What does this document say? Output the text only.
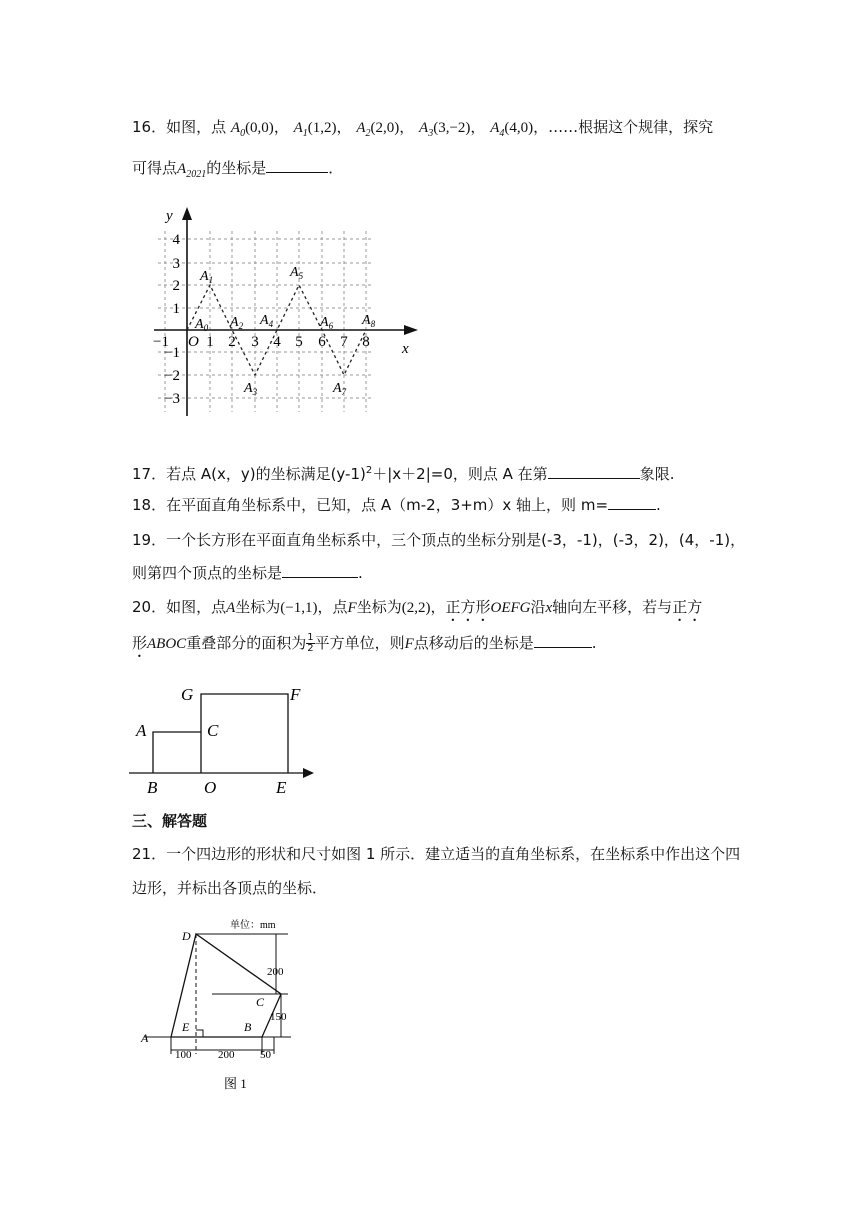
16．如图，点 $A_0(0,0)$， $A_1(1,2)$， $A_2(2,0)$， $A_3(3,-2)$， $A_4(4,0)$，……根据这个规律，探究
可得点$A_{2021}$的坐标是	．
y
x
O
−1 1 2 3 4 5 6 7 8
4
3
2
1
−1
−2
−3
$A_0$
$A_1$
$A_2$
$A_3$
$A_4$
$A_5$
$A_6$
$A_7$
$A_8$
17．若点 A(x，y)的坐标满足$(y-1)^2+|x+2|=0$，则点 A 在第	象限.
18．在平面直角坐标系中，已知，点 A（m-2，3+m）x 轴上，则 m=	.
19．一个长方形在平面直角坐标系中，三个顶点的坐标分别是(-3，-1)，(-3，2)，(4，-1)，
则第四个顶点的坐标是	.
20．如图，点A坐标为(−1,1)，点F坐标为(2,2)，正方形OEFG沿x轴向左平移，若与正方
形ABOC重叠部分的面积为 $\frac{1}{2}$ 平方单位，则F点移动后的坐标是	.
G	F
A	C
B	O	E
三、解答题
21．一个四边形的形状和尺寸如图 1 所示．建立适当的直角坐标系，在坐标系中作出这个四
边形，并标出各顶点的坐标．
单位：mm
200
150
100 200 50
D
C
A
E	B
图 1
